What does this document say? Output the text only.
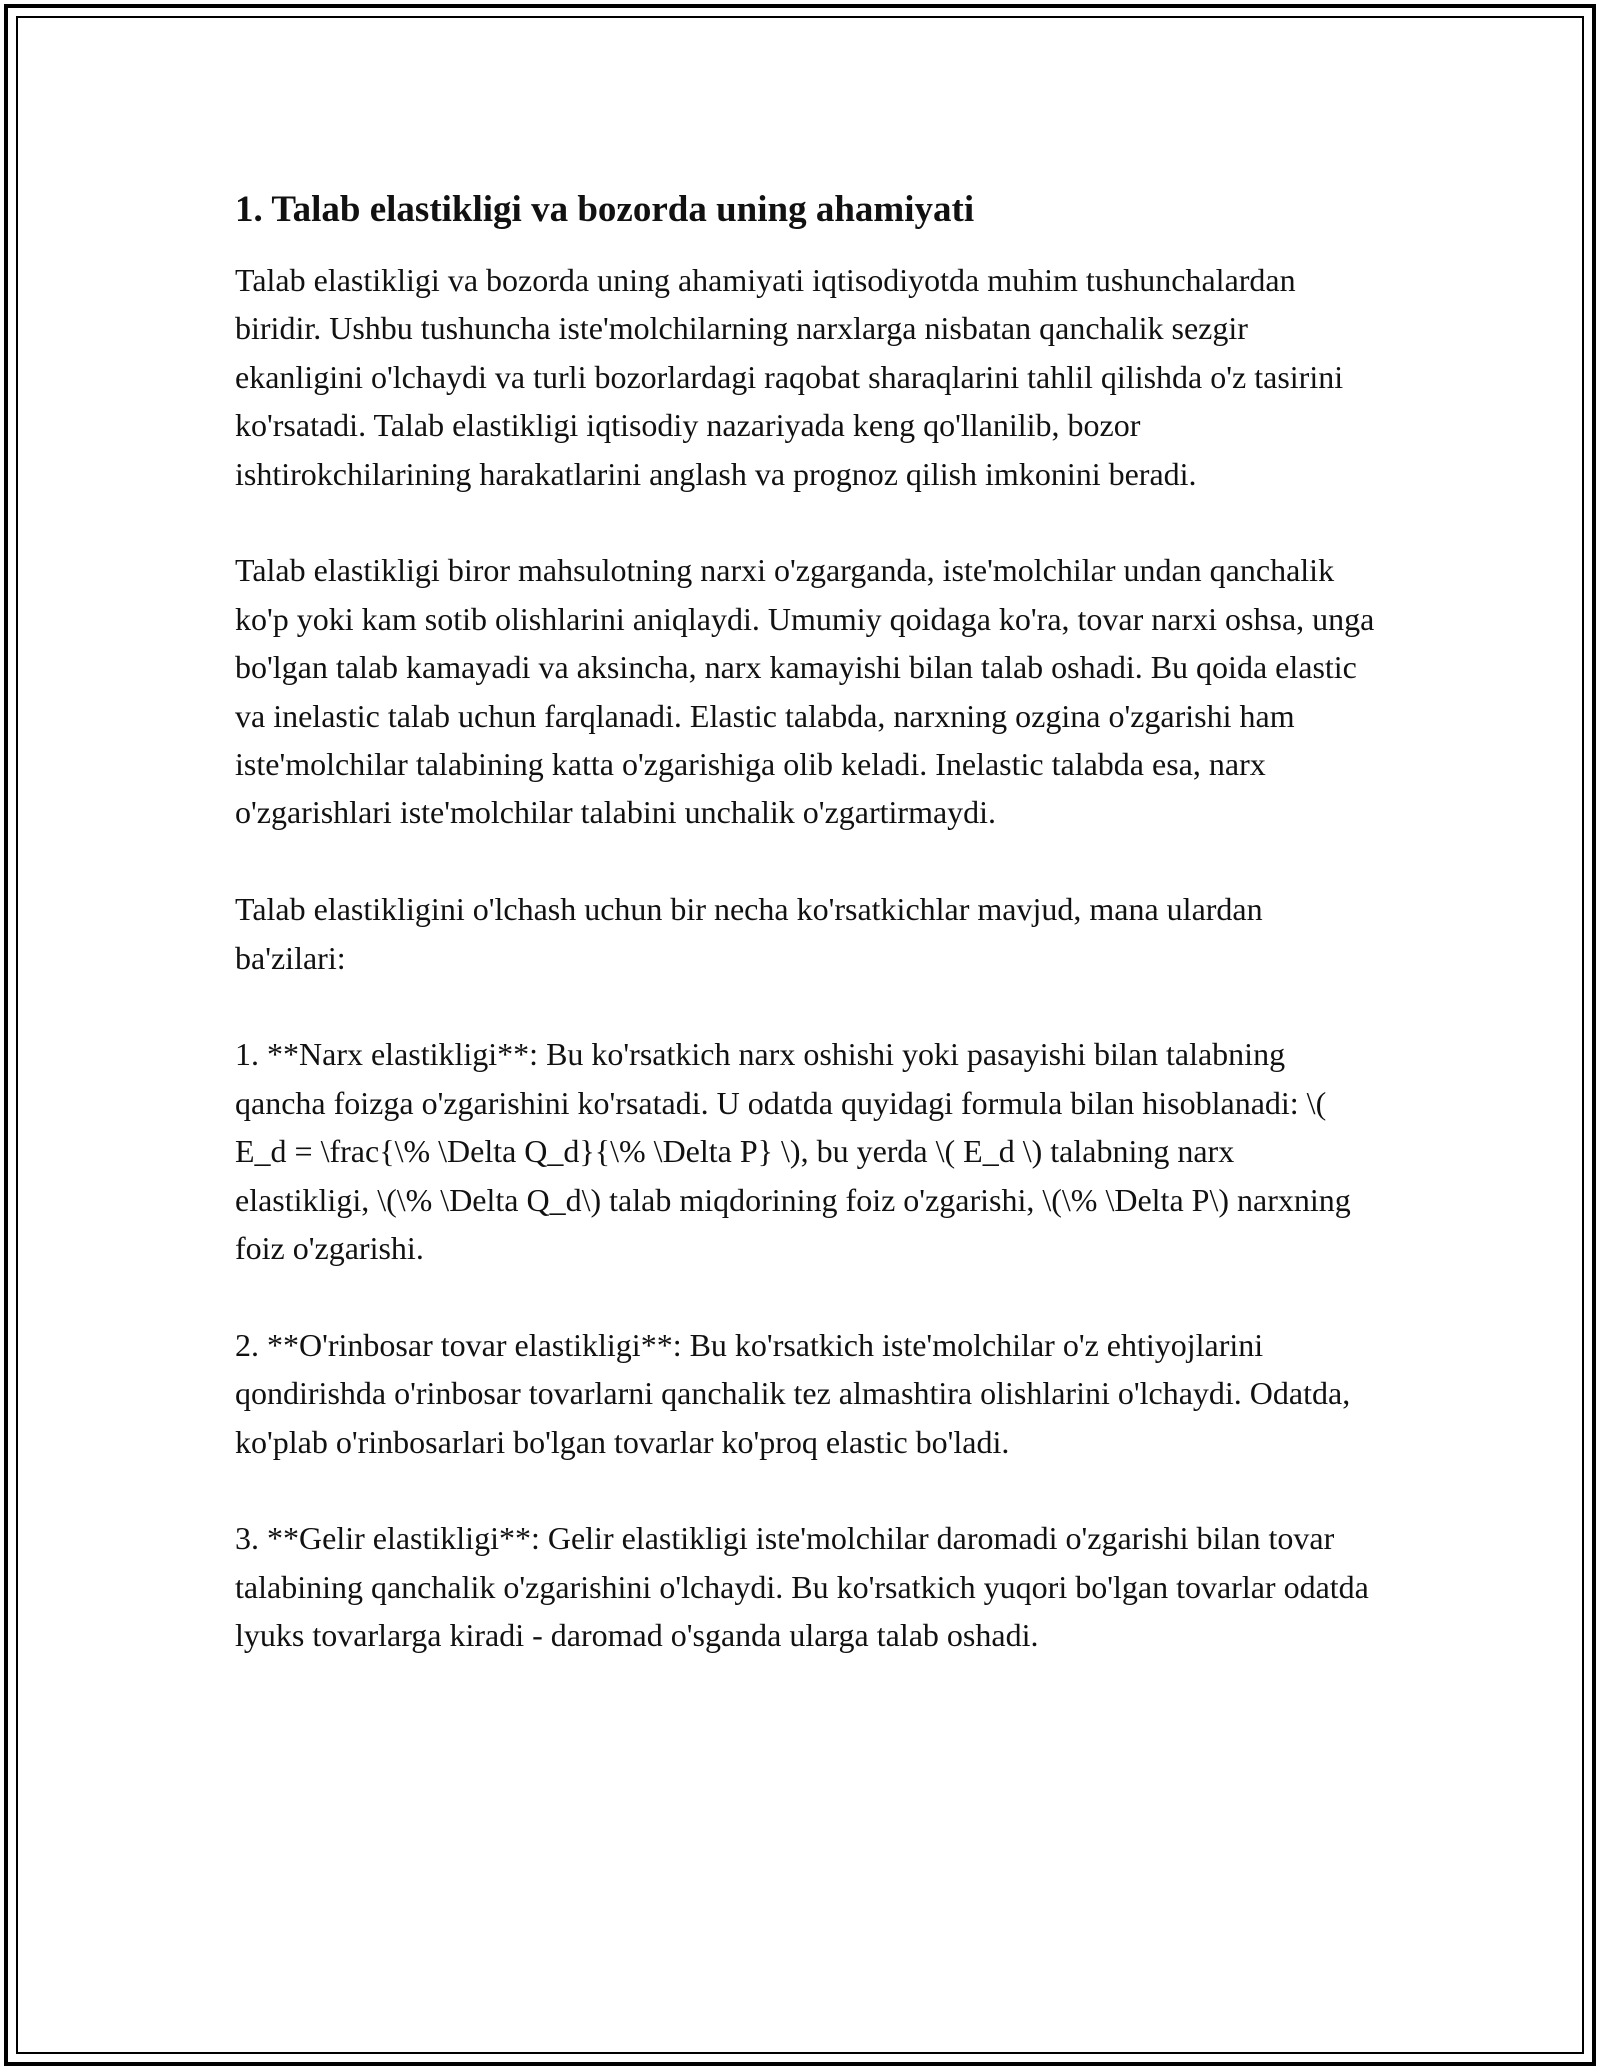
1. Talab elastikligi va bozorda uning ahamiyati

Talab elastikligi va bozorda uning ahamiyati iqtisodiyotda muhim tushunchalardan biridir. Ushbu tushuncha iste'molchilarning narxlarga nisbatan qanchalik sezgir ekanligini o'lchaydi va turli bozorlardagi raqobat sharaqlarini tahlil qilishda o'z tasirini ko'rsatadi. Talab elastikligi iqtisodiy nazariyada keng qo'llanilib, bozor ishtirokchilarining harakatlarini anglash va prognoz qilish imkonini beradi.

Talab elastikligi biror mahsulotning narxi o'zgarganda, iste'molchilar undan qanchalik ko'p yoki kam sotib olishlarini aniqlaydi. Umumiy qoidaga ko'ra, tovar narxi oshsa, unga bo'lgan talab kamayadi va aksincha, narx kamayishi bilan talab oshadi. Bu qoida elastic va inelastic talab uchun farqlanadi. Elastic talabda, narxning ozgina o'zgarishi ham iste'molchilar talabining katta o'zgarishiga olib keladi. Inelastic talabda esa, narx o'zgarishlari iste'molchilar talabini unchalik o'zgartirmaydi.

Talab elastikligini o'lchash uchun bir necha ko'rsatkichlar mavjud, mana ulardan ba'zilari:

1. **Narx elastikligi**: Bu ko'rsatkich narx oshishi yoki pasayishi bilan talabning qancha foizga o'zgarishini ko'rsatadi. U odatda quyidagi formula bilan hisoblanadi: \( E_d = \frac{\% \Delta Q_d}{\% \Delta P} \), bu yerda \( E_d \) talabning narx elastikligi, \(\% \Delta Q_d\) talab miqdorining foiz o'zgarishi, \(\% \Delta P\) narxning foiz o'zgarishi.

2. **O'rinbosar tovar elastikligi**: Bu ko'rsatkich iste'molchilar o'z ehtiyojlarini qondirishda o'rinbosar tovarlarni qanchalik tez almashtira olishlarini o'lchaydi. Odatda, ko'plab o'rinbosarlari bo'lgan tovarlar ko'proq elastic bo'ladi.

3. **Gelir elastikligi**: Gelir elastikligi iste'molchilar daromadi o'zgarishi bilan tovar talabining qanchalik o'zgarishini o'lchaydi. Bu ko'rsatkich yuqori bo'lgan tovarlar odatda lyuks tovarlarga kiradi - daromad o'sganda ularga talab oshadi.
